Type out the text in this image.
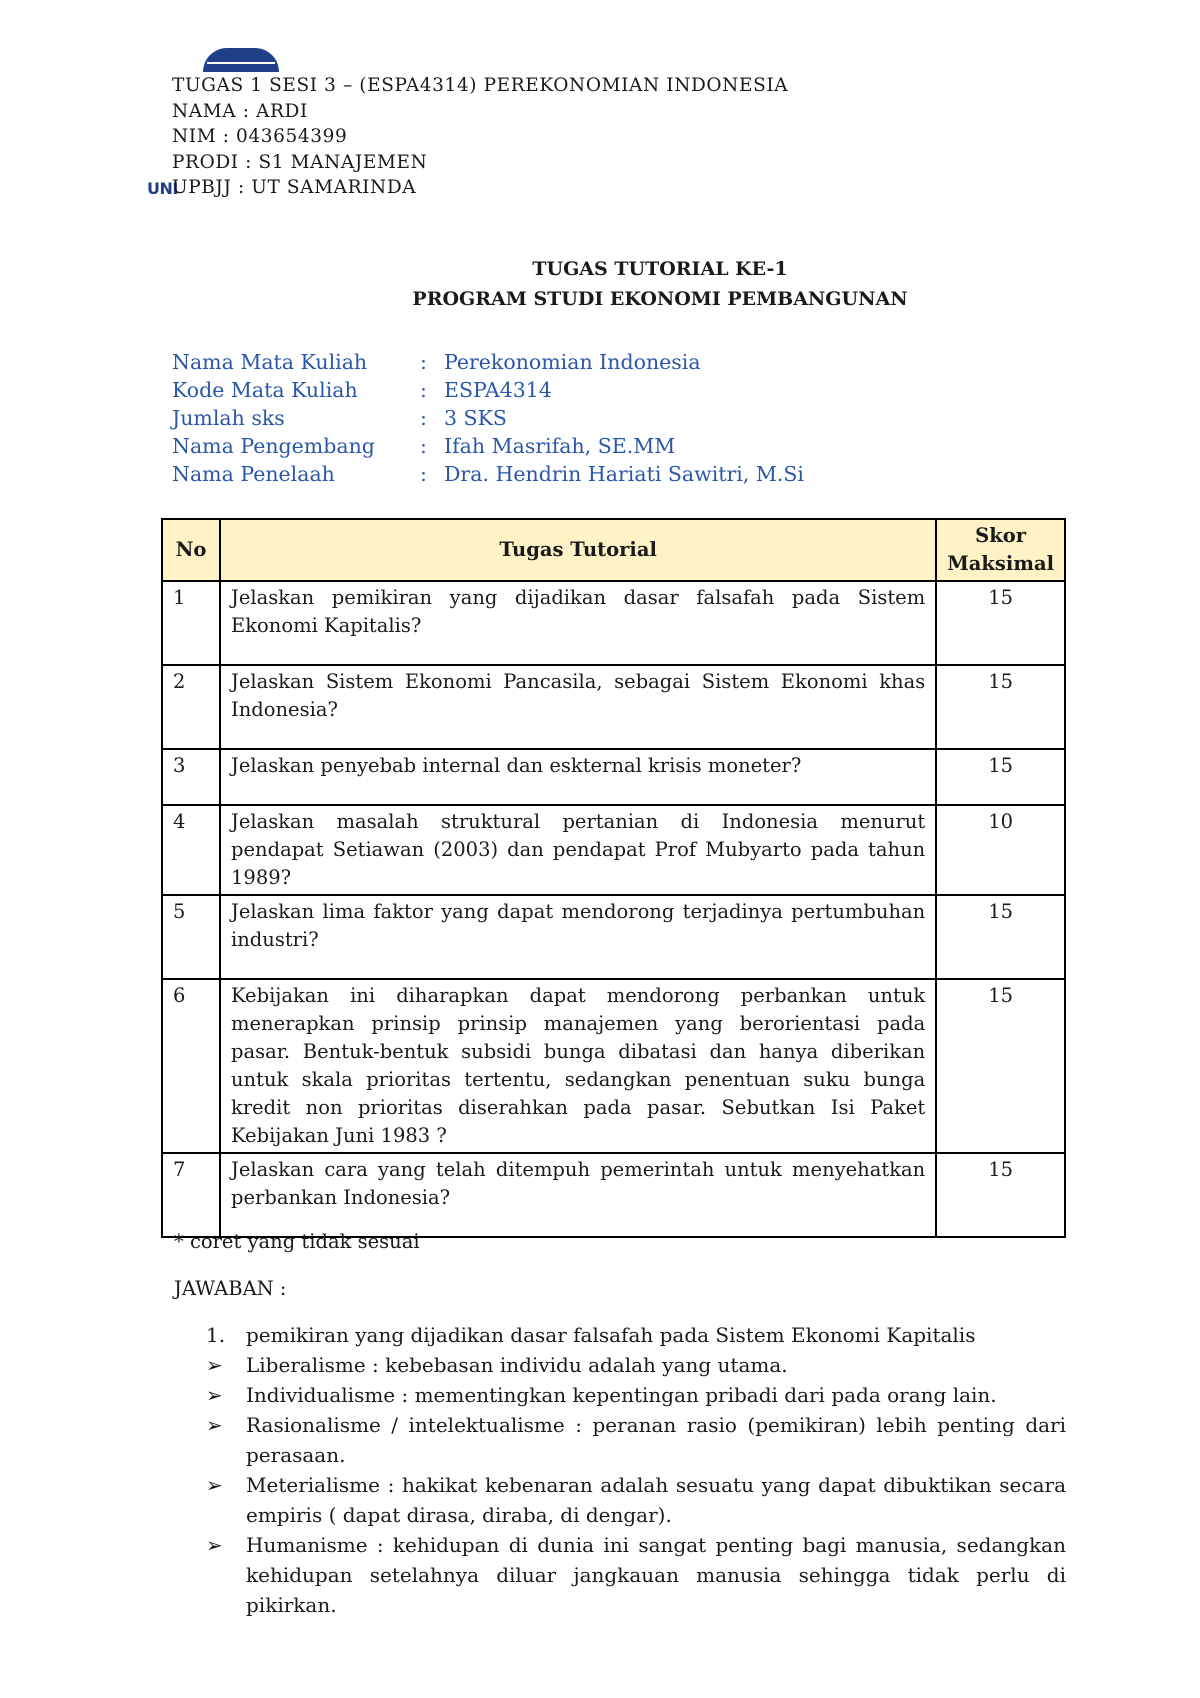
UNI
TUGAS 1 SESI 3 – (ESPA4314) PEREKONOMIAN INDONESIA
NAMA : ARDI
NIM : 043654399
PRODI : S1 MANAJEMEN
UPBJJ : UT SAMARINDA
TUGAS TUTORIAL KE-1
PROGRAM STUDI EKONOMI PEMBANGUNAN
Nama Mata Kuliah	: Perekonomian Indonesia
Kode Mata Kuliah	: ESPA4314
Jumlah sks	: 3 SKS
Nama Pengembang	: Ifah Masrifah, SE.MM
Nama Penelaah	: Dra. Hendrin Hariati Sawitri, M.Si
No	Tugas Tutorial	Skor
Maksimal

1	Jelaskan pemikiran yang dijadikan dasar falsafah pada Sistem Ekonomi Kapitalis?	15
2	Jelaskan Sistem Ekonomi Pancasila, sebagai Sistem Ekonomi khas Indonesia?	15
3	Jelaskan penyebab internal dan eskternal krisis moneter?	15
4	Jelaskan masalah struktural pertanian di Indonesia menurut pendapat Setiawan (2003) dan pendapat Prof Mubyarto pada tahun 1989?	10
5	Jelaskan lima faktor yang dapat mendorong terjadinya pertumbuhan industri?	15
6	Kebijakan ini diharapkan dapat mendorong perbankan untuk menerapkan prinsip prinsip manajemen yang berorientasi pada pasar. Bentuk-bentuk subsidi bunga dibatasi dan hanya diberikan untuk skala prioritas tertentu, sedangkan penentuan suku bunga kredit non prioritas diserahkan pada pasar. Sebutkan Isi Paket Kebijakan Juni 1983 ?	15
7	Jelaskan cara yang telah ditempuh pemerintah untuk menyehatkan perbankan Indonesia?	15
* coret yang tidak sesuai
JAWABAN :
1.	pemikiran yang dijadikan dasar falsafah pada Sistem Ekonomi Kapitalis
➢	Liberalisme : kebebasan individu adalah yang utama.
➢	Individualisme : mementingkan kepentingan pribadi dari pada orang lain.
➢	Rasionalisme / intelektualisme : peranan rasio (pemikiran) lebih penting dari perasaan.
➢	Meterialisme : hakikat kebenaran adalah sesuatu yang dapat dibuktikan secara empiris ( dapat dirasa, diraba, di dengar).
➢	Humanisme : kehidupan di dunia ini sangat penting bagi manusia, sedangkan kehidupan setelahnya diluar jangkauan manusia sehingga tidak perlu di pikirkan.
